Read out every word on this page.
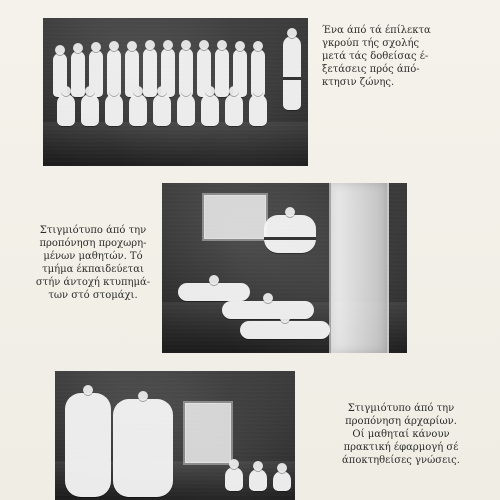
Ένα άπό τά έπίλεκτα
γκρούπ τής σχολής
μετά τάς δοθείσας έ-
ξετάσεις πρός άπό-
κτησιν ζώνης.
Στιγμιότυπο άπό την
προπόνηση προχωρη-
μένων μαθητών. Τό
τμήμα έκπαιδεύεται
στήν άντοχή κτυπημά-
των στό στομάχι.
Στιγμιότυπο άπό την
προπόνηση άρχαρίων.
Οί μαθηταί κάνουν
πρακτική έφαρμογή σέ
άποκτηθείσες γνώσεις.
